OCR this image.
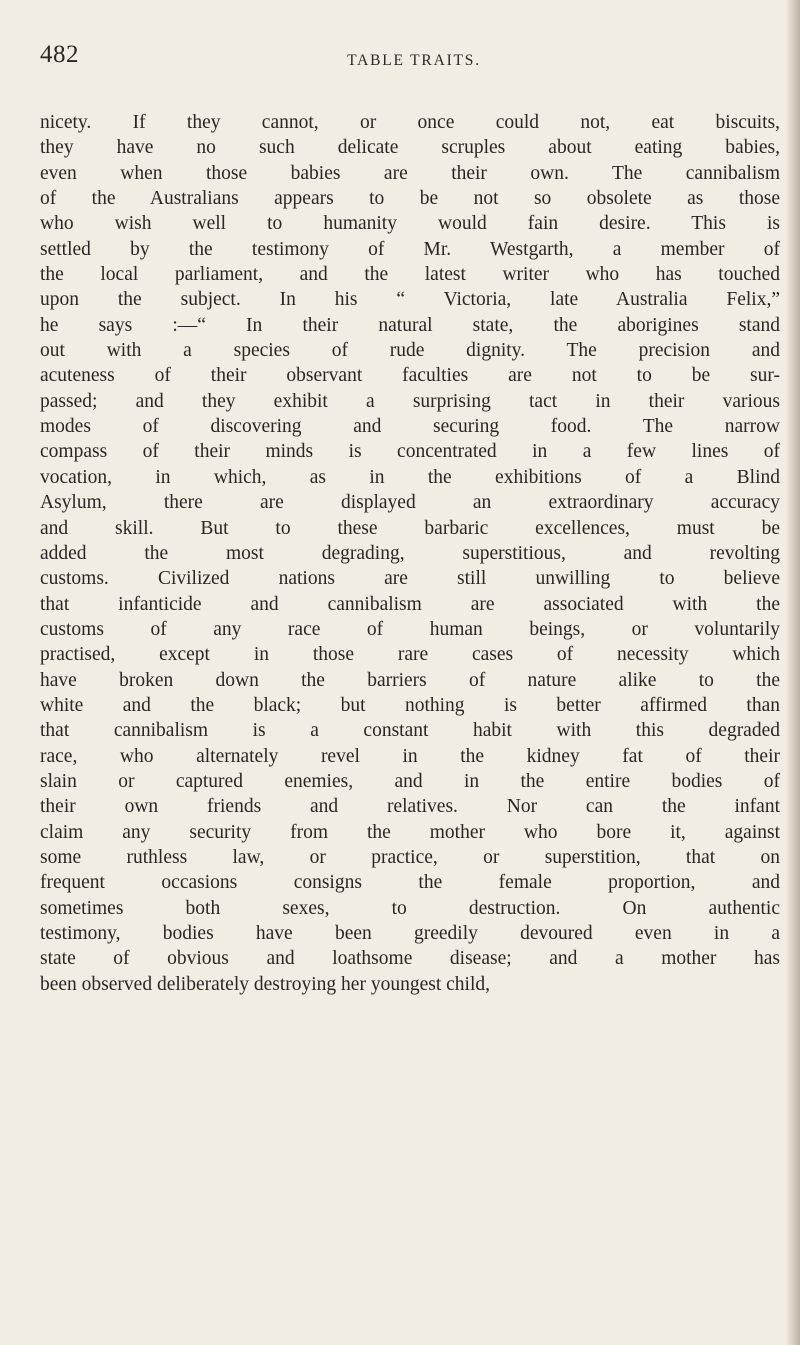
482	TABLE TRAITS.
nicety. If they cannot, or once could not, eat biscuits,
they have no such delicate scruples about eating babies,
even when those babies are their own. The cannibalism
of the Australians appears to be not so obsolete as those
who wish well to humanity would fain desire. This is
settled by the testimony of Mr. Westgarth, a member of
the local parliament, and the latest writer who has touched
upon the subject. In his “ Victoria, late Australia Felix,”
he says :—“ In their natural state, the aborigines stand
out with a species of rude dignity. The precision and
acuteness of their observant faculties are not to be sur-
passed; and they exhibit a surprising tact in their various
modes of discovering and securing food. The narrow
compass of their minds is concentrated in a few lines of
vocation, in which, as in the exhibitions of a Blind
Asylum, there are displayed an extraordinary accuracy
and skill. But to these barbaric excellences, must be
added the most degrading, superstitious, and revolting
customs. Civilized nations are still unwilling to believe
that infanticide and cannibalism are associated with the
customs of any race of human beings, or voluntarily
practised, except in those rare cases of necessity which
have broken down the barriers of nature alike to the
white and the black; but nothing is better affirmed than
that cannibalism is a constant habit with this degraded
race, who alternately revel in the kidney fat of their
slain or captured enemies, and in the entire bodies of
their own friends and relatives. Nor can the infant
claim any security from the mother who bore it, against
some ruthless law, or practice, or superstition, that on
frequent occasions consigns the female proportion, and
sometimes both sexes, to destruction. On authentic
testimony, bodies have been greedily devoured even in a
state of obvious and loathsome disease; and a mother has
been observed deliberately destroying her youngest child,
